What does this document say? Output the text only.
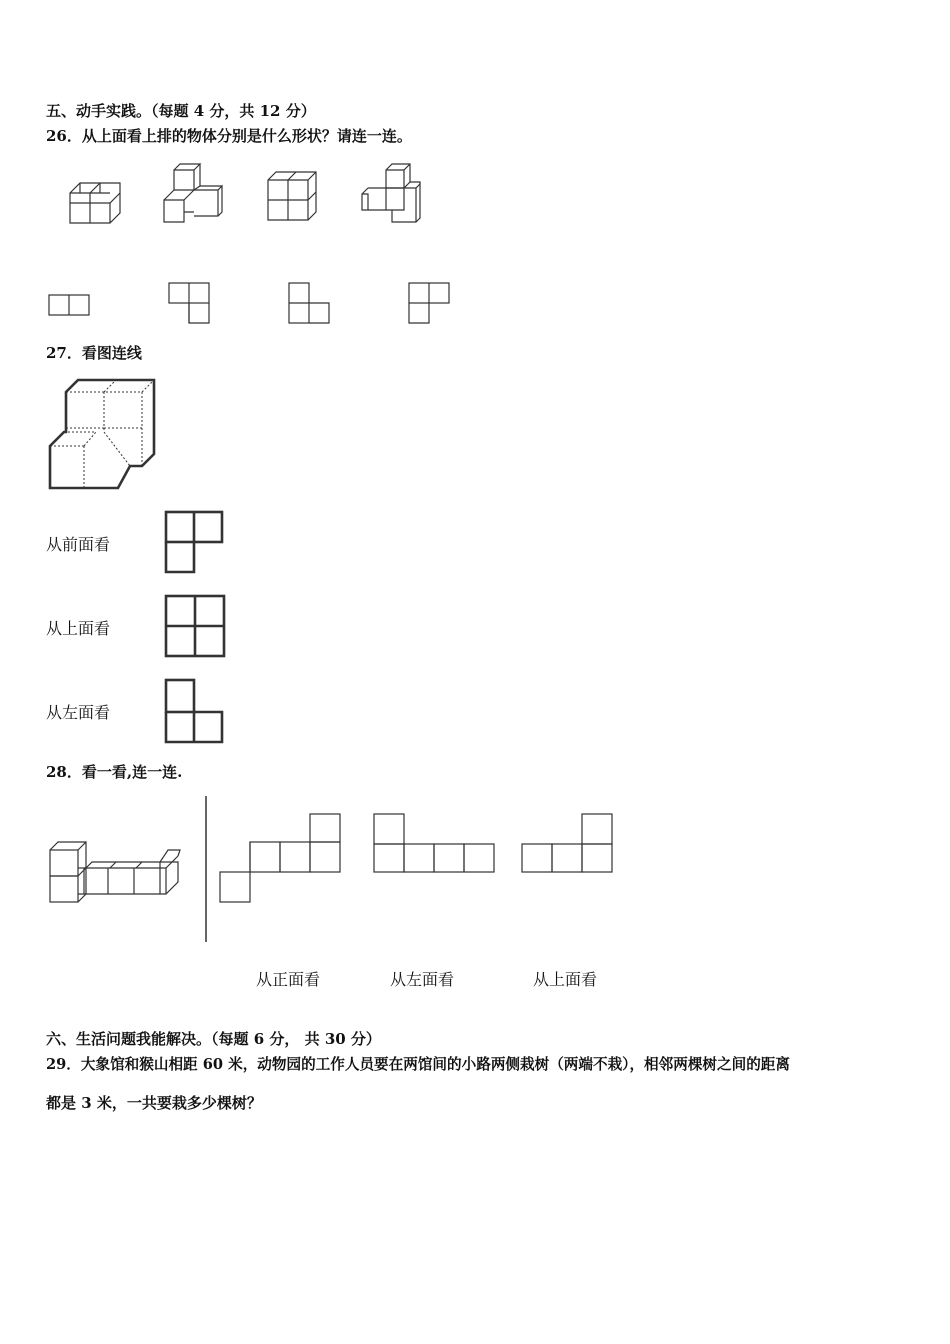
五、动手实践。（每题 4 分，共 12 分）
26．从上面看上排的物体分别是什么形状？请连一连。
27．看图连线
从前面看
从上面看
从左面看
28．看一看,连一连.
从正面看	从左面看	从上面看
六、生活问题我能解决。（每题 6 分， 共 30 分）
29．大象馆和猴山相距 60 米，动物园的工作人员要在两馆间的小路两侧栽树（两端不栽），相邻两棵树之间的距离
都是 3 米，一共要栽多少棵树？
